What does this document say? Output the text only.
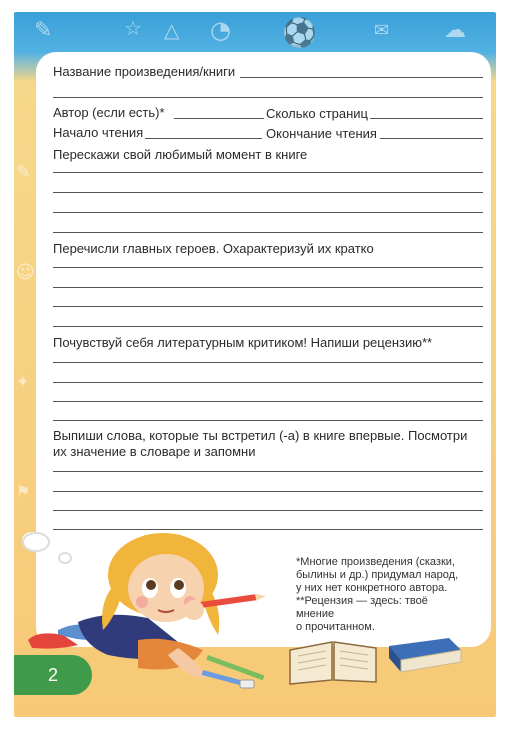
✎	☆ △ ◔ ⚽	✉ ☁
✎
☺
✦
⚑
Название произведения/книги
Автор (если есть)*	Сколько страниц
Начало чтения	Окончание чтения
Перескажи свой любимый момент в книге
Перечисли главных героев. Охарактеризуй их кратко
Почувствуй себя литературным критиком! Напиши рецензию**
Выпиши слова, которые ты встретил (-а) в книге впервые. Посмотри их значение в словаре и запомни
*Многие произведения (сказки,
былины и др.) придумал народ,
у них нет конкретного автора.
**Рецензия — здесь: твоё мнение
о прочитанном.
2
